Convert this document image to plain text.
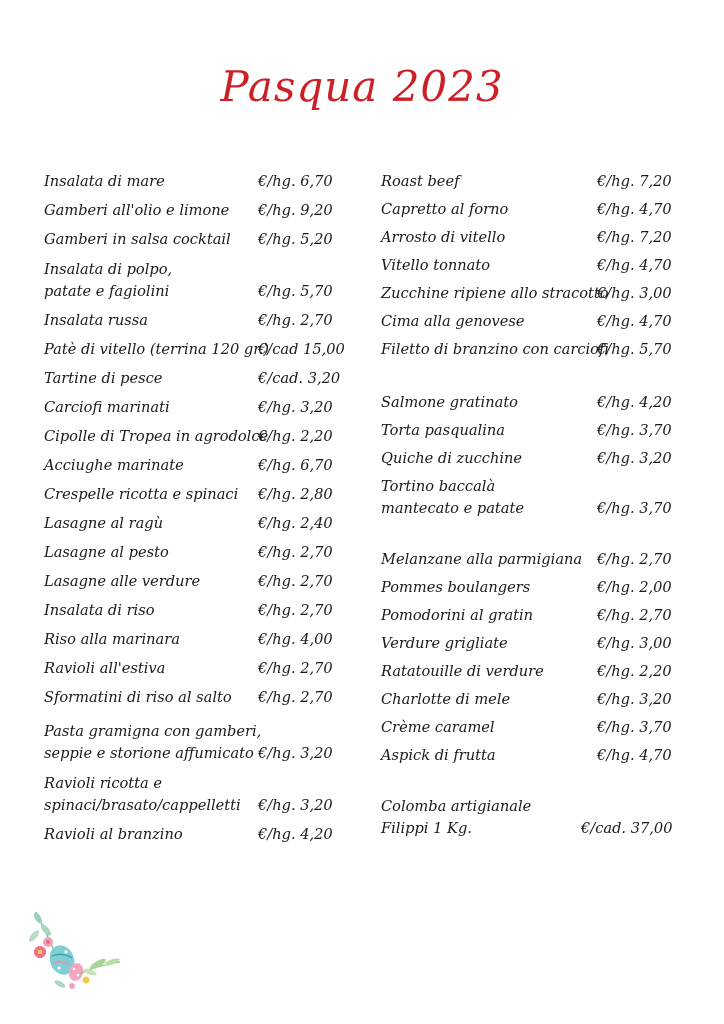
Pasqua 2023
Insalata di mare	€/hg. 6,70
Gamberi all'olio e limone €/hg. 9,20
Gamberi in salsa cocktail €/hg. 5,20
Insalata di polpo,
patate e fagiolini	€/hg. 5,70
Insalata russa	€/hg. 2,70
Patè di vitello (terrina 120 gr.)
€/cad 15,00
Tartine di pesce	€/cad. 3,20
Carciofi marinati	€/hg. 3,20
Cipolle di Tropea in agrodolce
€/hg. 2,20
Acciughe marinate	€/hg. 6,70
Crespelle ricotta e spinaci €/hg. 2,80
Lasagne al ragù	€/hg. 2,40
Lasagne al pesto	€/hg. 2,70
Lasagne alle verdure	€/hg. 2,70
Insalata di riso	€/hg. 2,70
Riso alla marinara	€/hg. 4,00
Ravioli all'estiva	€/hg. 2,70
Sformatini di riso al salto €/hg. 2,70
Pasta gramigna con gamberi,
seppie e storione affumicato €/hg. 3,20
Ravioli ricotta e
spinaci/brasato/cappelletti €/hg. 3,20
Ravioli al branzino	€/hg. 4,20
Roast beef	€/hg. 7,20
Capretto al forno	€/hg. 4,70
Arrosto di vitello	€/hg. 7,20
Vitello tonnato	€/hg. 4,70
Zucchine ripiene allo stracotto
€/hg. 3,00
Cima alla genovese	€/hg. 4,70
Filetto di branzino con carciofi
€/hg. 5,70
Salmone gratinato	€/hg. 4,20
Torta pasqualina	€/hg. 3,70
Quiche di zucchine	€/hg. 3,20
Tortino baccalà
mantecato e patate	€/hg. 3,70
Melanzane alla parmigiana €/hg. 2,70
Pommes boulangers	€/hg. 2,00
Pomodorini al gratin	€/hg. 2,70
Verdure grigliate	€/hg. 3,00
Ratatouille di verdure	€/hg. 2,20
Charlotte di mele	€/hg. 3,20
Crème caramel	€/hg. 3,70
Aspick di frutta	€/hg. 4,70
Colomba artigianale
Filippi 1 Kg.	€/cad. 37,00
